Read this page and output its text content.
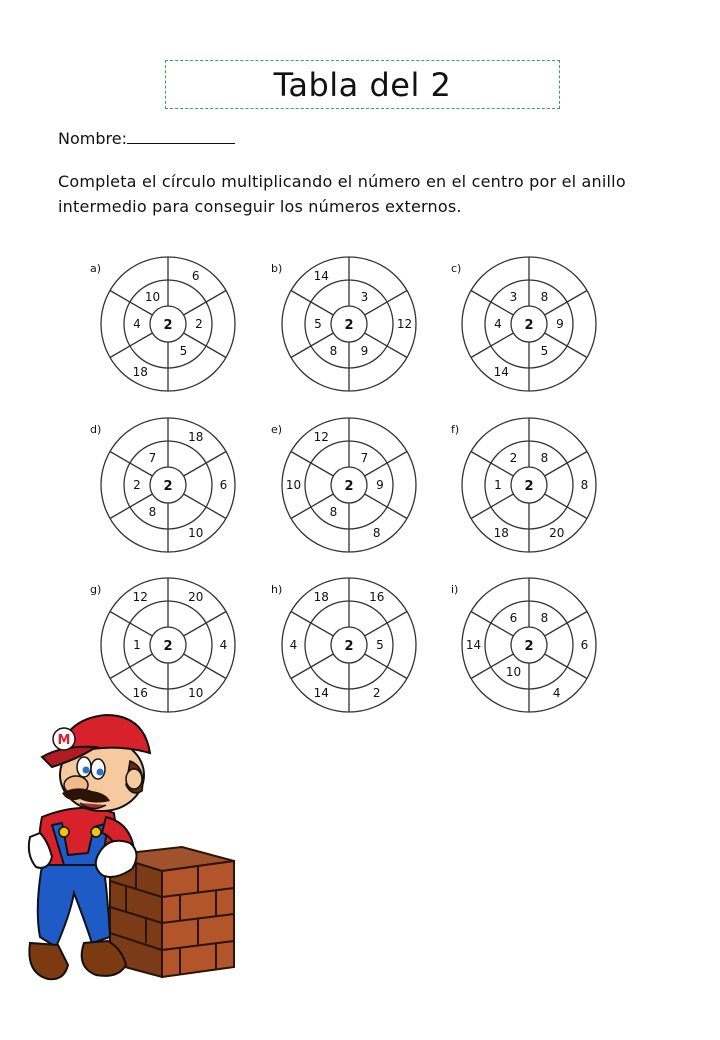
Tabla del 2
Nombre:
Completa el círculo multiplicando el número en el centro por el anillo intermedio para conseguir los números externos.
a)
2
6
2
5
18
4
10
b)
2
3
12
9
8
5
14
c)
2
8
9
5
14
4
3
d)
2
18
6
10
8
2
7
e)
2
7
9
8
8
10
12
f)
2
8
8
20
18
1
2
g)
2
20
4
10
16
1
12
h)
2
16
5
2
14
4
18
i)
2
8
6
4
10
14
6
M
